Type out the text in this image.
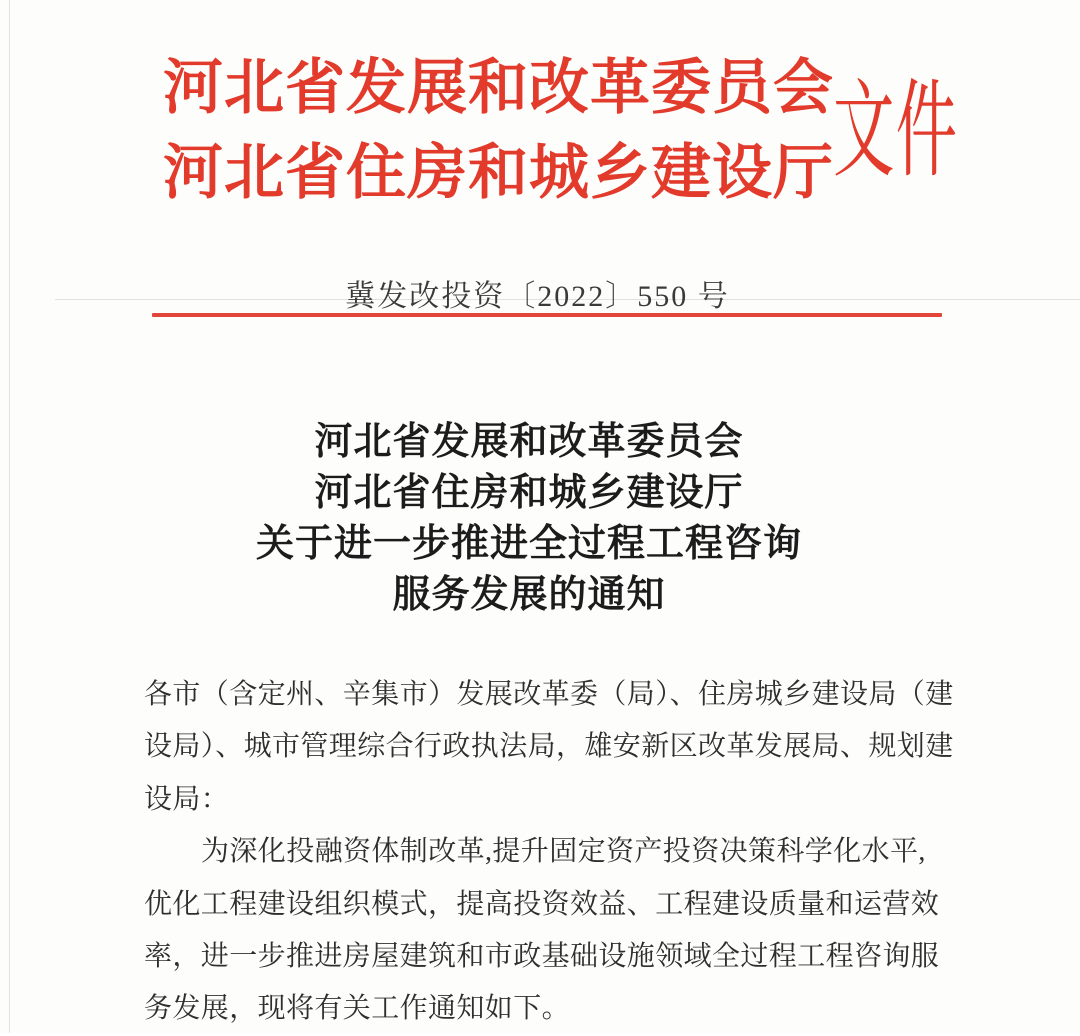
河北省发展和改革委员会
河北省住房和城乡建设厅 文件
冀发改投资〔2022〕550 号
河北省发展和改革委员会
河北省住房和城乡建设厅
关于进一步推进全过程工程咨询
服务发展的通知
各市（含定州、辛集市）发展改革委（局）、住房城乡建设局（建
设局）、城市管理综合行政执法局，雄安新区改革发展局、规划建
设局：
为深化投融资体制改革,提升固定资产投资决策科学化水平,
优化工程建设组织模式，提高投资效益、工程建设质量和运营效
率，进一步推进房屋建筑和市政基础设施领域全过程工程咨询服
务发展，现将有关工作通知如下。
